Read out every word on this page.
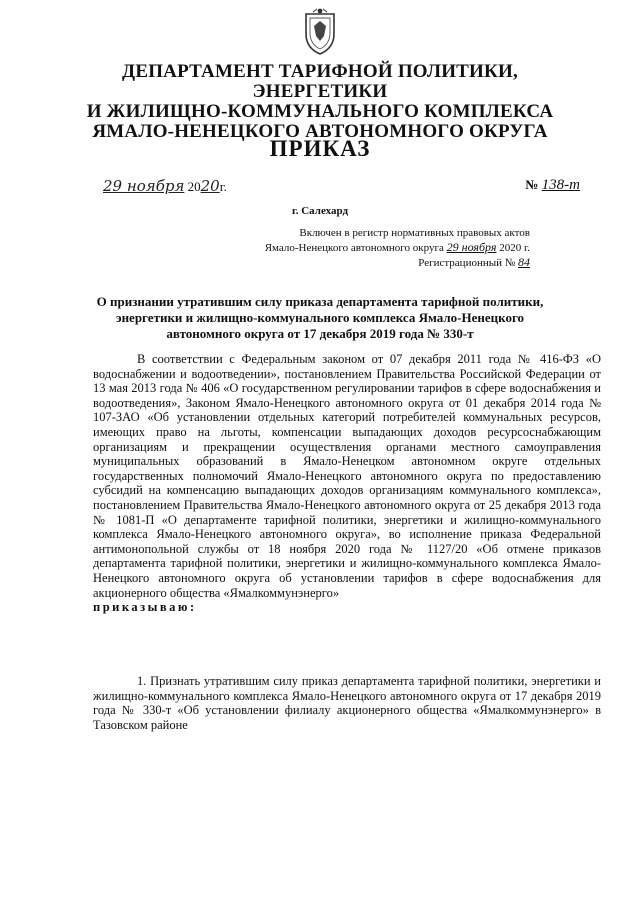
ДЕПАРТАМЕНТ ТАРИФНОЙ ПОЛИТИКИ, ЭНЕРГЕТИКИ
И ЖИЛИЩНО-КОММУНАЛЬНОГО КОМПЛЕКСА
ЯМАЛО-НЕНЕЦКОГО АВТОНОМНОГО ОКРУГА
ПРИКАЗ
29 ноября 2020г.	№ 138-т
г. Салехард
Включен в регистр нормативных правовых актов
Ямало-Ненецкого автономного округа 29 ноября 2020 г.
Регистрационный № 84
О признании утратившим силу приказа департамента тарифной политики, энергетики и жилищно-коммунального комплекса Ямало-Ненецкого автономного округа от 17 декабря 2019 года № 330-т

В соответствии с Федеральным законом от 07 декабря 2011 года № 416-ФЗ «О водоснабжении и водоотведении», постановлением Правительства Российской Федерации от 13 мая 2013 года № 406 «О государственном регулировании тарифов в сфере водоснабжения и водоотведения», Законом Ямало-Ненецкого автономного округа от 01 декабря 2014 года № 107-ЗАО «Об установлении отдельных категорий потребителей коммунальных ресурсов, имеющих право на льготы, компенсации выпадающих доходов ресурсоснабжающим организациям и прекращении осуществления органами местного самоуправления муниципальных образований в Ямало-Ненецком автономном округе отдельных государственных полномочий Ямало-Ненецкого автономного округа по предоставлению субсидий на компенсацию выпадающих доходов организациям коммунального комплекса», постановлением Правительства Ямало-Ненецкого автономного округа от 25 декабря 2013 года № 1081-П «О департаменте тарифной политики, энергетики и жилищно-коммунального комплекса Ямало-Ненецкого автономного округа», во исполнение приказа Федеральной антимонопольной службы от 18 ноября 2020 года № 1127/20 «Об отмене приказов департамента тарифной политики, энергетики и жилищно-коммунального комплекса Ямало-Ненецкого автономного округа об установлении тарифов в сфере водоснабжения для акционерного общества «Ямалкоммунэнерго»

приказываю:

1. Признать утратившим силу приказ департамента тарифной политики, энергетики и жилищно-коммунального комплекса Ямало-Ненецкого автономного округа от 17 декабря 2019 года № 330-т «Об установлении филиалу акционерного общества «Ямалкоммунэнерго» в Тазовском районе
